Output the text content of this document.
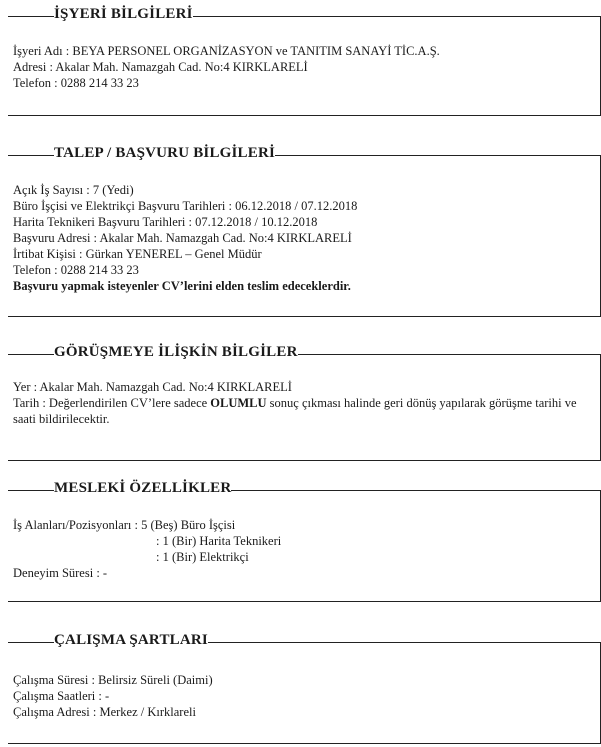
İŞYERİ BİLGİLERİ
İşyeri Adı : BEYA PERSONEL ORGANİZASYON ve TANITIM SANAYİ TİC.A.Ş.
Adresi : Akalar Mah. Namazgah Cad. No:4 KIRKLARELİ
Telefon : 0288 214 33 23
TALEP / BAŞVURU BİLGİLERİ
Açık İş Sayısı : 7 (Yedi)
Büro İşçisi ve Elektrikçi Başvuru Tarihleri : 06.12.2018 / 07.12.2018
Harita Teknikeri Başvuru Tarihleri : 07.12.2018 / 10.12.2018
Başvuru Adresi : Akalar Mah. Namazgah Cad. No:4 KIRKLARELİ
İrtibat Kişisi : Gürkan YENEREL – Genel Müdür
Telefon : 0288 214 33 23
Başvuru yapmak isteyenler CV’lerini elden teslim edeceklerdir.
GÖRÜŞMEYE İLİŞKİN BİLGİLER
Yer : Akalar Mah. Namazgah Cad. No:4 KIRKLARELİ
Tarih : Değerlendirilen CV’lere sadece OLUMLU sonuç çıkması halinde geri dönüş yapılarak görüşme tarihi ve saati bildirilecektir.
MESLEKİ ÖZELLİKLER
İş Alanları/Pozisyonları : 5 (Beş) Büro İşçisi
: 1 (Bir) Harita Teknikeri
: 1 (Bir) Elektrikçi
Deneyim Süresi : -
ÇALIŞMA ŞARTLARI
Çalışma Süresi : Belirsiz Süreli (Daimi)
Çalışma Saatleri : -
Çalışma Adresi : Merkez / Kırklareli
